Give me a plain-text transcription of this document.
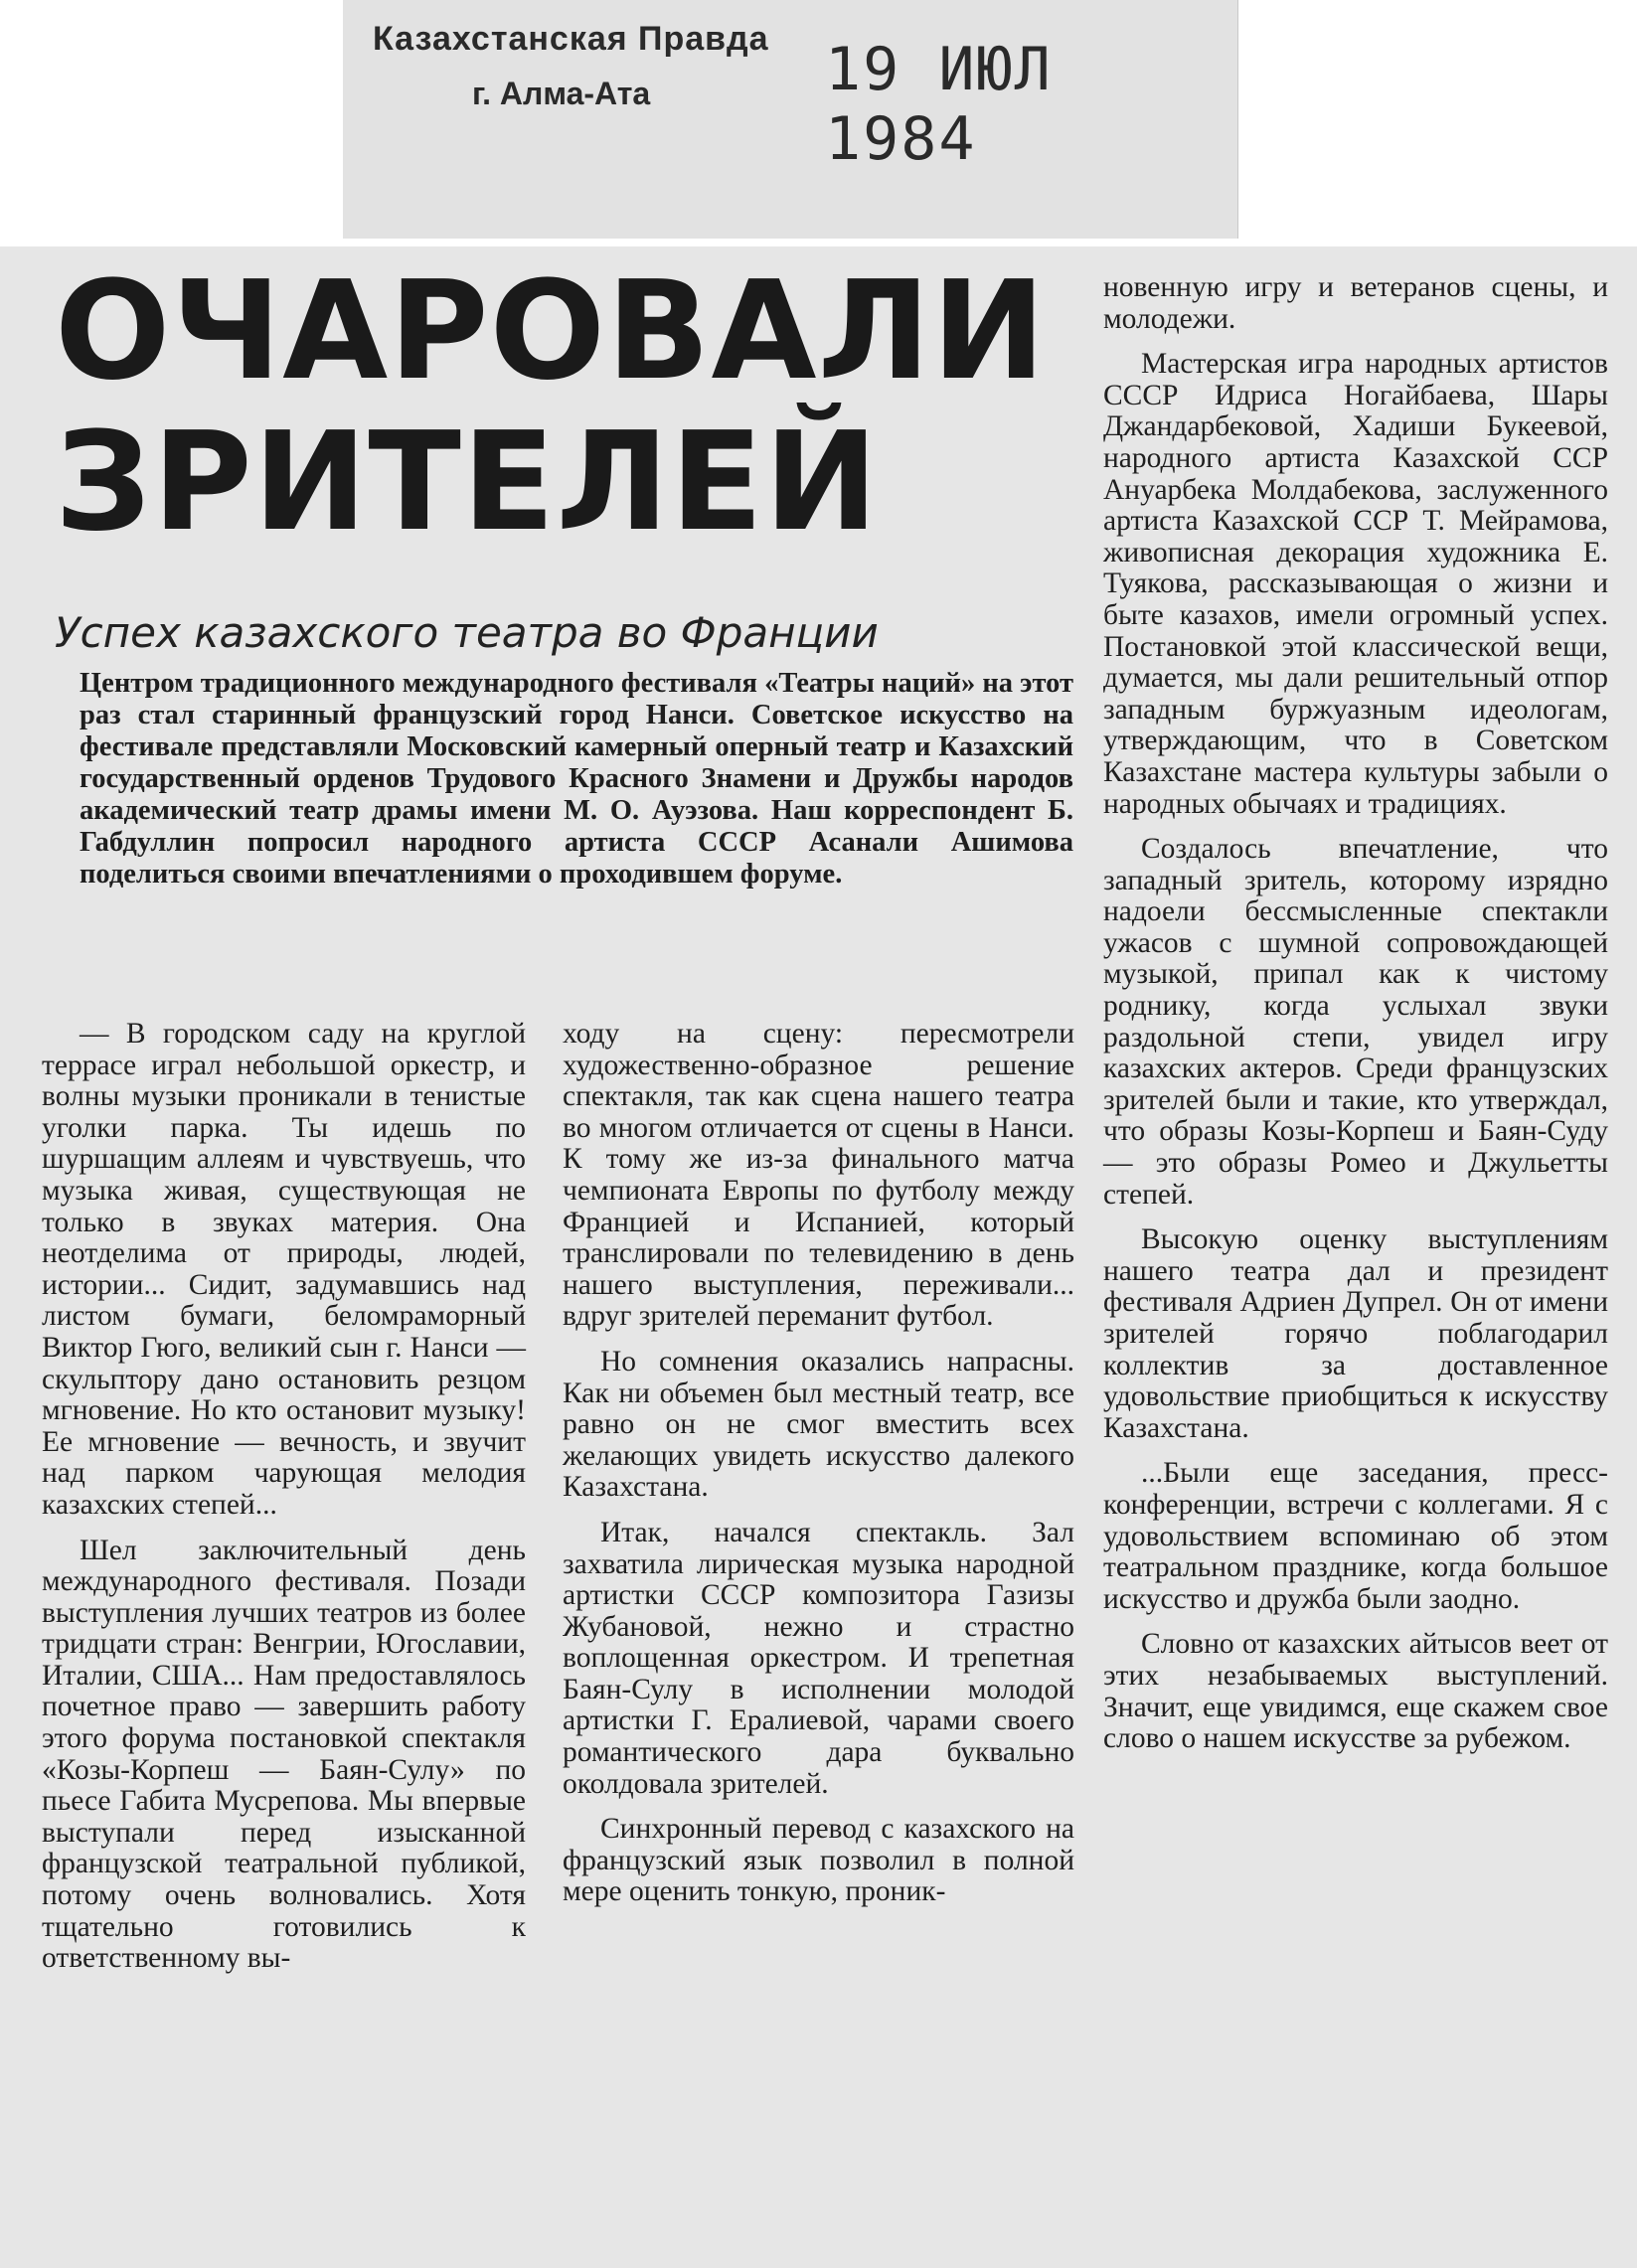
Казахстанская Правда
г. Алма-Ата	19 ИЮЛ 1984
ОЧАРОВАЛИ ЗРИТЕЛЕЙ
Успех казахского театра во Франции

Центром традиционного международного фестиваля «Театры наций» на этот раз стал старинный французский город Нанси. Советское искусство на фестивале представляли Московский камерный оперный театр и Казахский государственный орденов Трудового Красного Знамени и Дружбы народов академический театр драмы имени М. О. Ауэзова. Наш корреспондент Б. Габдуллин попросил народного артиста СССР Асанали Ашимова поделиться своими впечатлениями о проходившем форуме.

— В городском саду на круглой террасе играл небольшой оркестр, и волны музыки проникали в тенистые уголки парка. Ты идешь по шуршащим аллеям и чувствуешь, что музыка живая, существующая не только в звуках материя. Она неотделима от природы, людей, истории... Сидит, задумавшись над листом бумаги, беломраморный Виктор Гюго, великий сын г. Нанси — скульптору дано остановить резцом мгновение. Но кто остановит музыку! Ее мгновение — вечность, и звучит над парком чарующая мелодия казахских степей...

Шел заключительный день международного фестиваля. Позади выступления лучших театров из более тридцати стран: Венгрии, Югославии, Италии, США... Нам предоставлялось почетное право — завершить работу этого форума постановкой спектакля «Козы-Корпеш — Баян-Сулу» по пьесе Габита Мусрепова. Мы впервые выступали перед изысканной французской театральной публикой, потому очень волновались. Хотя тщательно готовились к ответственному вы-

ходу на сцену: пересмотрели художественно-образное решение спектакля, так как сцена нашего театра во многом отличается от сцены в Нанси. К тому же из-за финального матча чемпионата Европы по футболу между Францией и Испанией, который транслировали по телевидению в день нашего выступления, переживали... вдруг зрителей переманит футбол.

Но сомнения оказались напрасны. Как ни объемен был местный театр, все равно он не смог вместить всех желающих увидеть искусство далекого Казахстана.

Итак, начался спектакль. Зал захватила лирическая музыка народной артистки СССР композитора Газизы Жубановой, нежно и страстно воплощенная оркестром. И трепетная Баян-Сулу в исполнении молодой артистки Г. Ералиевой, чарами своего романтического дара буквально околдовала зрителей.

Синхронный перевод с казахского на французский язык позволил в полной мере оценить тонкую, проник-

новенную игру и ветеранов сцены, и молодежи.

Мастерская игра народных артистов СССР Идриса Ногайбаева, Шары Джандарбековой, Хадиши Букеевой, народного артиста Казахской ССР Ануарбека Молдабекова, заслуженного артиста Казахской ССР Т. Мейрамова, живописная декорация художника Е. Туякова, рассказывающая о жизни и быте казахов, имели огромный успех. Постановкой этой классической вещи, думается, мы дали решительный отпор западным буржуазным идеологам, утверждающим, что в Советском Казахстане мастера культуры забыли о народных обычаях и традициях.

Создалось впечатление, что западный зритель, которому изрядно надоели бессмысленные спектакли ужасов с шумной сопровождающей музыкой, припал как к чистому роднику, когда услыхал звуки раздольной степи, увидел игру казахских актеров. Среди французских зрителей были и такие, кто утверждал, что образы Козы-Корпеш и Баян-Суду — это образы Ромео и Джульетты степей.

Высокую оценку выступлениям нашего театра дал и президент фестиваля Адриен Дупрел. Он от имени зрителей горячо поблагодарил коллектив за доставленное удовольствие приобщиться к искусству Казахстана.

...Были еще заседания, пресс-конференции, встречи с коллегами. Я с удовольствием вспоминаю об этом театральном празднике, когда большое искусство и дружба были заодно.

Словно от казахских айтысов веет от этих незабываемых выступлений. Значит, еще увидимся, еще скажем свое слово о нашем искусстве за рубежом.
